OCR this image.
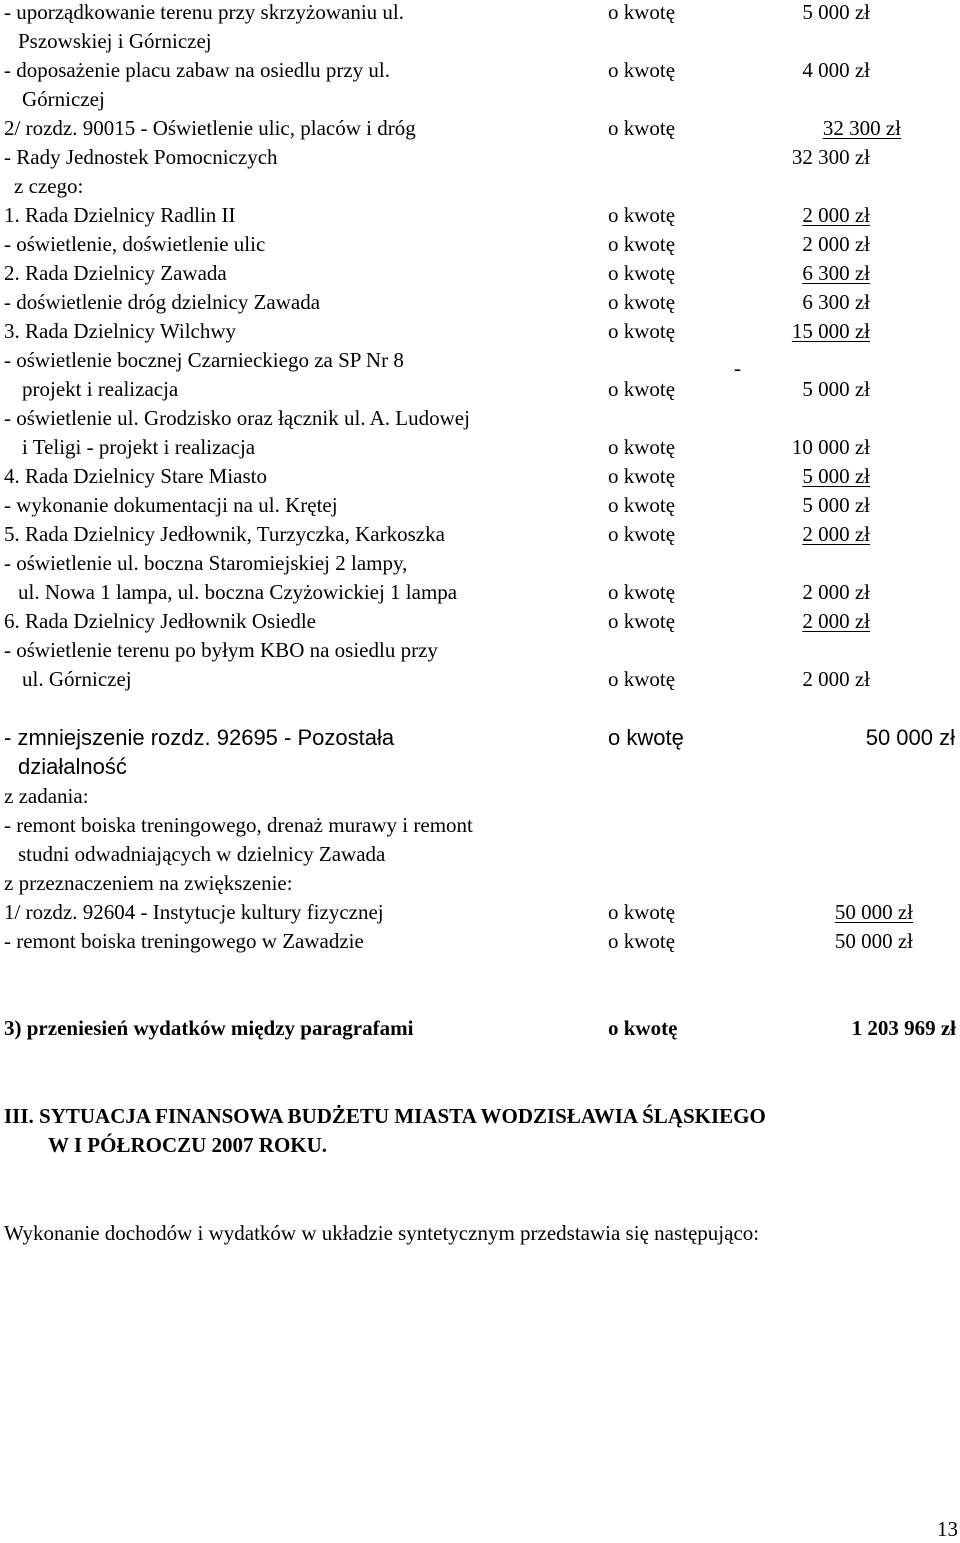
- uporządkowanie terenu przy skrzyżowaniu ul.	o kwotę	5 000 zł
Pszowskiej i Górniczej
- doposażenie placu zabaw na osiedlu przy ul.	o kwotę	4 000 zł
Górniczej
2/ rozdz. 90015 - Oświetlenie ulic, placów i dróg	o kwotę	32 300 zł
- Rady Jednostek Pomocniczych	32 300 zł
z czego:
1. Rada Dzielnicy Radlin II	o kwotę	2 000 zł
- oświetlenie, doświetlenie ulic	o kwotę	2 000 zł
2. Rada Dzielnicy Zawada	o kwotę	6 300 zł
- doświetlenie dróg dzielnicy Zawada	o kwotę	6 300 zł
3. Rada Dzielnicy Wilchwy	o kwotę	15 000 zł
- oświetlenie bocznej Czarnieckiego za SP Nr 8	-
projekt i realizacja	o kwotę	5 000 zł
- oświetlenie ul. Grodzisko oraz łącznik ul. A. Ludowej
i Teligi - projekt i realizacja	o kwotę	10 000 zł
4. Rada Dzielnicy Stare Miasto	o kwotę	5 000 zł
- wykonanie dokumentacji na ul. Krętej	o kwotę	5 000 zł
5. Rada Dzielnicy Jedłownik, Turzyczka, Karkoszka	o kwotę	2 000 zł
- oświetlenie ul. boczna Staromiejskiej 2 lampy,
ul. Nowa 1 lampa, ul. boczna Czyżowickiej 1 lampa	o kwotę	2 000 zł
6. Rada Dzielnicy Jedłownik Osiedle	o kwotę	2 000 zł
- oświetlenie terenu po byłym KBO na osiedlu przy
ul. Górniczej	o kwotę	2 000 zł
- zmniejszenie rozdz. 92695 - Pozostała	o kwotę	50 000 zł
działalność
z zadania:
- remont boiska treningowego, drenaż murawy i remont
studni odwadniających w dzielnicy Zawada
z przeznaczeniem na zwiększenie:
1/ rozdz. 92604 - Instytucje kultury fizycznej	o kwotę	50 000 zł
- remont boiska treningowego w Zawadzie	o kwotę	50 000 zł
3) przeniesień wydatków między paragrafami	o kwotę	1 203 969 zł
III. SYTUACJA FINANSOWA BUDŻETU MIASTA WODZISŁAWIA ŚLĄSKIEGO
W I PÓŁROCZU 2007 ROKU.
Wykonanie dochodów i wydatków w układzie syntetycznym przedstawia się następująco:
13
